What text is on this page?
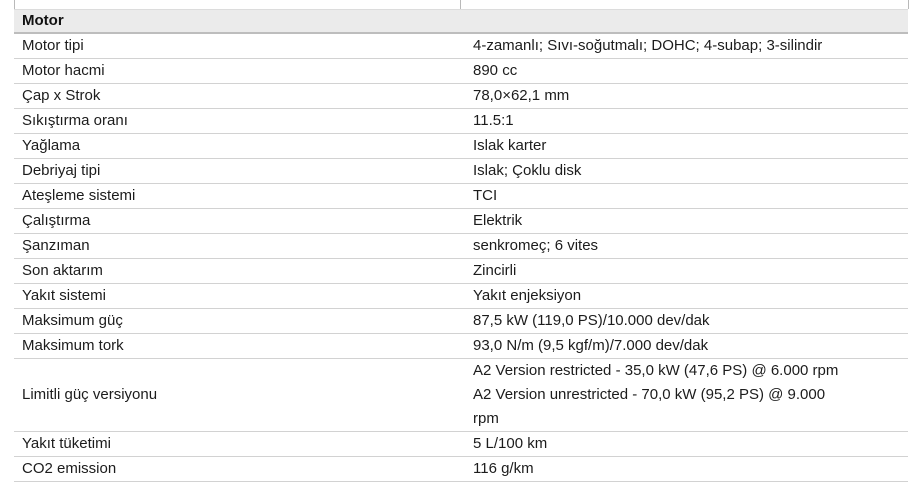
Motor	
Motor tipi	4-zamanlı; Sıvı-soğutmalı; DOHC; 4-subap; 3-silindir
Motor hacmi	890 cc
Çap x Strok	78,0×62,1 mm
Sıkıştırma oranı	11.5:1
Yağlama	Islak karter
Debriyaj tipi	Islak; Çoklu disk
Ateşleme sistemi	TCI
Çalıştırma	Elektrik
Şanzıman	senkromeç; 6 vites
Son aktarım	Zincirli
Yakıt sistemi	Yakıt enjeksiyon
Maksimum güç	87,5 kW (119,0 PS)/10.000 dev/dak
Maksimum tork	93,0 N/m (9,5 kgf/m)/7.000 dev/dak
Limitli güç versiyonu	A2 Version restricted - 35,0 kW (47,6 PS) @ 6.000 rpm
A2 Version unrestricted - 70,0 kW (95,2 PS) @ 9.000
rpm

Yakıt tüketimi	5 L/100 km
CO2 emission	116 g/km
